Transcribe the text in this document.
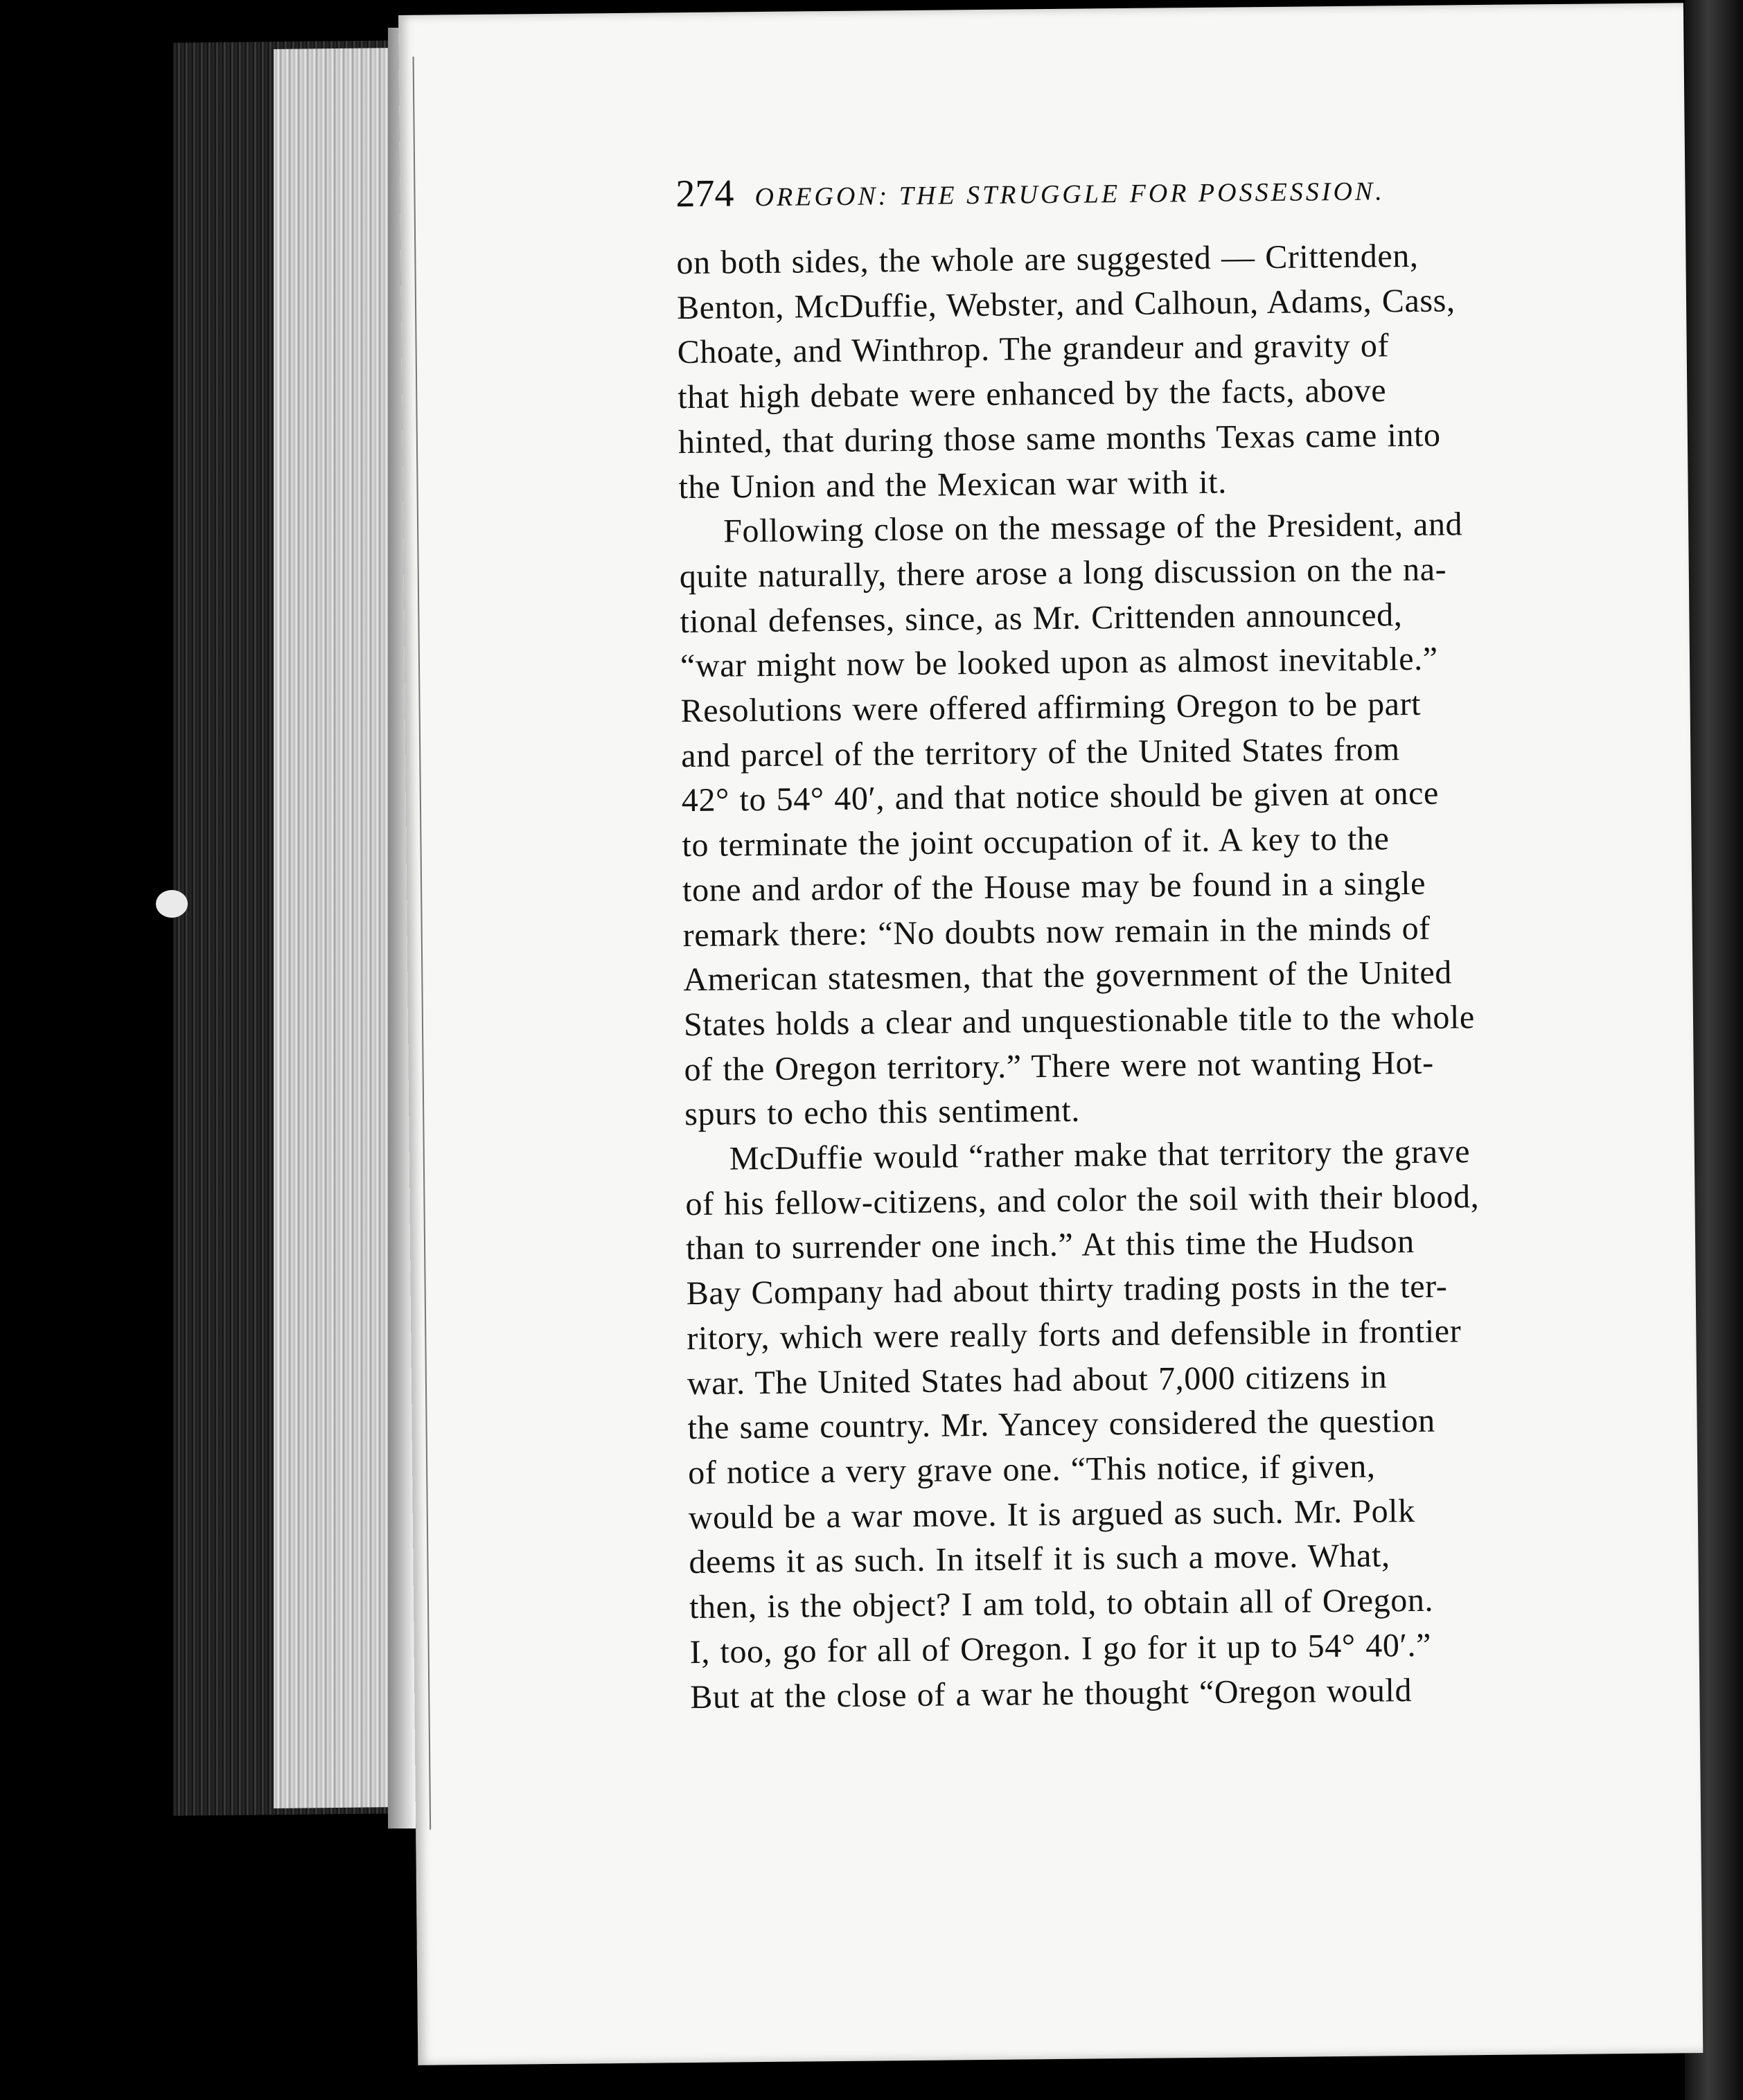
274 OREGON: THE STRUGGLE FOR POSSESSION.

on both sides, the whole are suggested — Crittenden,

Benton, McDuffie, Webster, and Calhoun, Adams, Cass,

Choate, and Winthrop. The grandeur and gravity of

that high debate were enhanced by the facts, above

hinted, that during those same months Texas came into

the Union and the Mexican war with it.

Following close on the message of the President, and

quite naturally, there arose a long discussion on the na-

tional defenses, since, as Mr. Crittenden announced,

“war might now be looked upon as almost inevitable.”

Resolutions were offered affirming Oregon to be part

and parcel of the territory of the United States from

42° to 54° 40′, and that notice should be given at once

to terminate the joint occupation of it. A key to the

tone and ardor of the House may be found in a single

remark there: “No doubts now remain in the minds of

American statesmen, that the government of the United

States holds a clear and unquestionable title to the whole

of the Oregon territory.” There were not wanting Hot-

spurs to echo this sentiment.

McDuffie would “rather make that territory the grave

of his fellow-citizens, and color the soil with their blood,

than to surrender one inch.” At this time the Hudson

Bay Company had about thirty trading posts in the ter-

ritory, which were really forts and defensible in frontier

war. The United States had about 7,000 citizens in

the same country. Mr. Yancey considered the question

of notice a very grave one. “This notice, if given,

would be a war move. It is argued as such. Mr. Polk

deems it as such. In itself it is such a move. What,

then, is the object? I am told, to obtain all of Oregon.

I, too, go for all of Oregon. I go for it up to 54° 40′.”

But at the close of a war he thought “Oregon would
